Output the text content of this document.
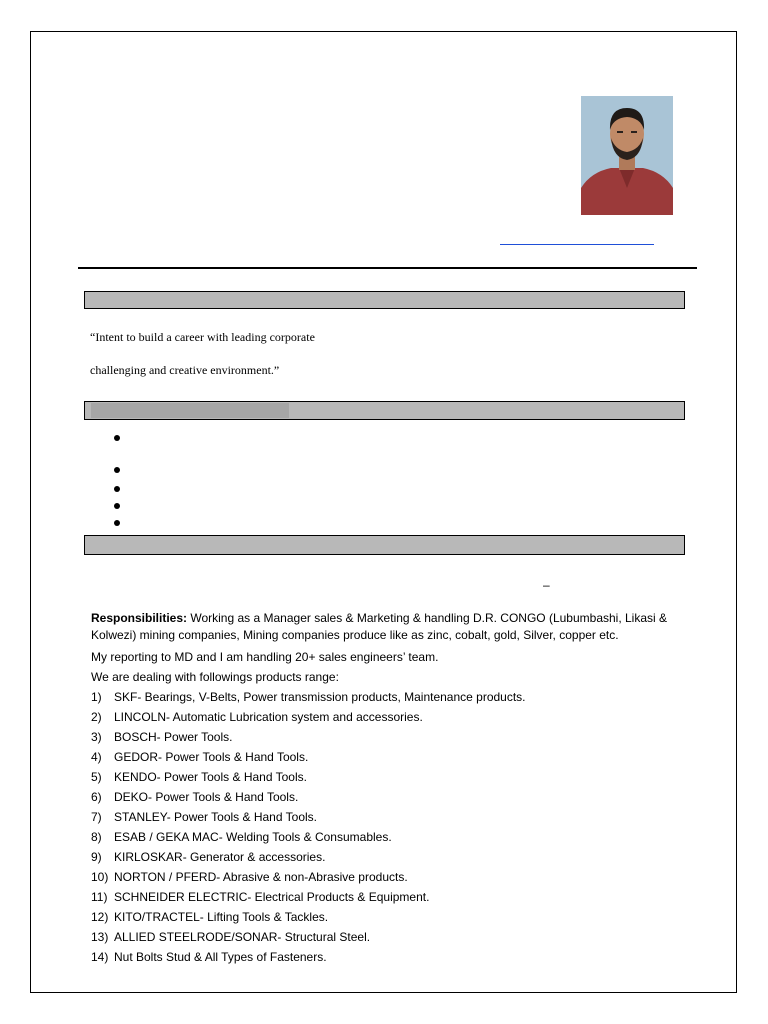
“Intent to build a career with leading corporate
challenging and creative environment.”
–
Responsibilities: Working as a Manager sales & Marketing & handling D.R. CONGO (Lubumbashi, Likasi & Kolwezi) mining companies, Mining companies produce like as zinc, cobalt, gold, Silver, copper etc.
My reporting to MD and I am handling 20+ sales engineers’ team.
We are dealing with followings products range:
1) SKF- Bearings, V-Belts, Power transmission products, Maintenance products.
2) LINCOLN- Automatic Lubrication system and accessories.
3) BOSCH- Power Tools.
4) GEDOR- Power Tools & Hand Tools.
5) KENDO- Power Tools & Hand Tools.
6) DEKO- Power Tools & Hand Tools.
7) STANLEY- Power Tools & Hand Tools.
8) ESAB / GEKA MAC- Welding Tools & Consumables.
9) KIRLOSKAR- Generator & accessories.
10) NORTON / PFERD- Abrasive & non-Abrasive products.
11) SCHNEIDER ELECTRIC- Electrical Products & Equipment.
12) KITO/TRACTEL- Lifting Tools & Tackles.
13) ALLIED STEELRODE/SONAR- Structural Steel.
14) Nut Bolts Stud & All Types of Fasteners.
